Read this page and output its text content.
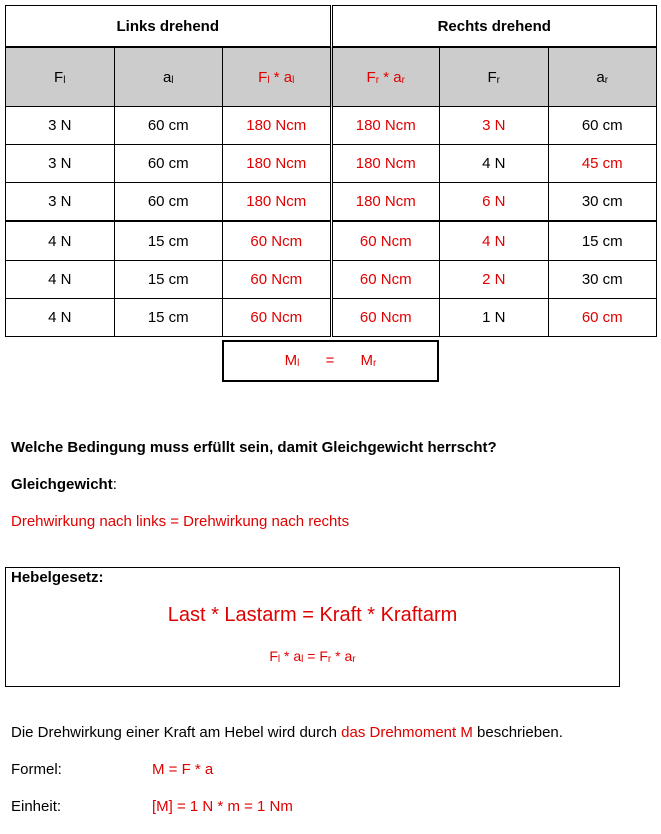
Links drehend			Rechts drehend		
$F_l$	$a_l$	$F_l * a_l$	$F_r * a_r$	$F_r$	$a_r$
3 N	60 cm	180 Ncm	180 Ncm	3 N	60 cm
3 N	60 cm	180 Ncm	180 Ncm	4 N	45 cm
3 N	60 cm	180 Ncm	180 Ncm	6 N	30 cm
4 N	15 cm	60 Ncm	60 Ncm	4 N	15 cm
4 N	15 cm	60 Ncm	60 Ncm	2 N	30 cm
4 N	15 cm	60 Ncm	60 Ncm	1 N	60 cm
$M_l = M_r$
Welche Bedingung muss erfüllt sein, damit Gleichgewicht herrscht?
Gleichgewicht:
Drehwirkung nach links = Drehwirkung nach rechts
Hebelgesetz:
Last * Lastarm = Kraft * Kraftarm
$F_l * a_l = F_r * a_r$
Die Drehwirkung einer Kraft am Hebel wird durch das Drehmoment M beschrieben.
Formel:	M = F * a
Einheit:	[M] = 1 N * m = 1 Nm
